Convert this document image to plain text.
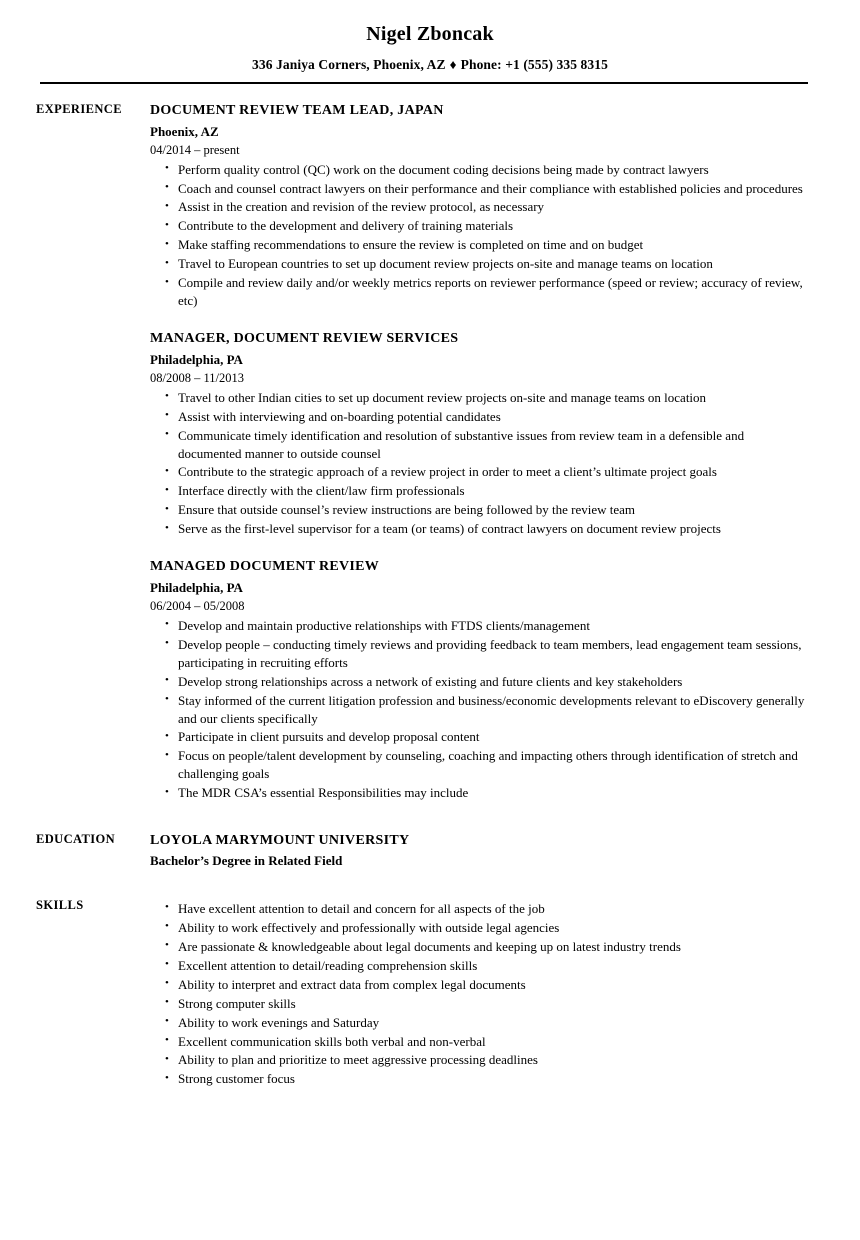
Nigel Zboncak
336 Janiya Corners, Phoenix, AZ ♦ Phone: +1 (555) 335 8315
EXPERIENCE	DOCUMENT REVIEW TEAM LEAD, JAPAN
Phoenix, AZ
04/2014 – present
• Perform quality control (QC) work on the document coding decisions being made by contract lawyers
• Coach and counsel contract lawyers on their performance and their compliance with established policies and procedures
• Assist in the creation and revision of the review protocol, as necessary
• Contribute to the development and delivery of training materials
• Make staffing recommendations to ensure the review is completed on time and on budget
• Travel to European countries to set up document review projects on-site and manage teams on location
• Compile and review daily and/or weekly metrics reports on reviewer performance (speed or review; accuracy of review, etc)
MANAGER, DOCUMENT REVIEW SERVICES
Philadelphia, PA
08/2008 – 11/2013
• Travel to other Indian cities to set up document review projects on-site and manage teams on location
• Assist with interviewing and on-boarding potential candidates
• Communicate timely identification and resolution of substantive issues from review team in a defensible and documented manner to outside counsel
• Contribute to the strategic approach of a review project in order to meet a client’s ultimate project goals
• Interface directly with the client/law firm professionals
• Ensure that outside counsel’s review instructions are being followed by the review team
• Serve as the first-level supervisor for a team (or teams) of contract lawyers on document review projects
MANAGED DOCUMENT REVIEW
Philadelphia, PA
06/2004 – 05/2008
• Develop and maintain productive relationships with FTDS clients/management
• Develop people – conducting timely reviews and providing feedback to team members, lead engagement team sessions, participating in recruiting efforts
• Develop strong relationships across a network of existing and future clients and key stakeholders
• Stay informed of the current litigation profession and business/economic developments relevant to eDiscovery generally and our clients specifically
• Participate in client pursuits and develop proposal content
• Focus on people/talent development by counseling, coaching and impacting others through identification of stretch and challenging goals
• The MDR CSA’s essential Responsibilities may include
EDUCATION	LOYOLA MARYMOUNT UNIVERSITY
Bachelor’s Degree in Related Field
SKILLS	• Have excellent attention to detail and concern for all aspects of the job
• Ability to work effectively and professionally with outside legal agencies
• Are passionate & knowledgeable about legal documents and keeping up on latest industry trends
• Excellent attention to detail/reading comprehension skills
• Ability to interpret and extract data from complex legal documents
• Strong computer skills
• Ability to work evenings and Saturday
• Excellent communication skills both verbal and non-verbal
• Ability to plan and prioritize to meet aggressive processing deadlines
• Strong customer focus
